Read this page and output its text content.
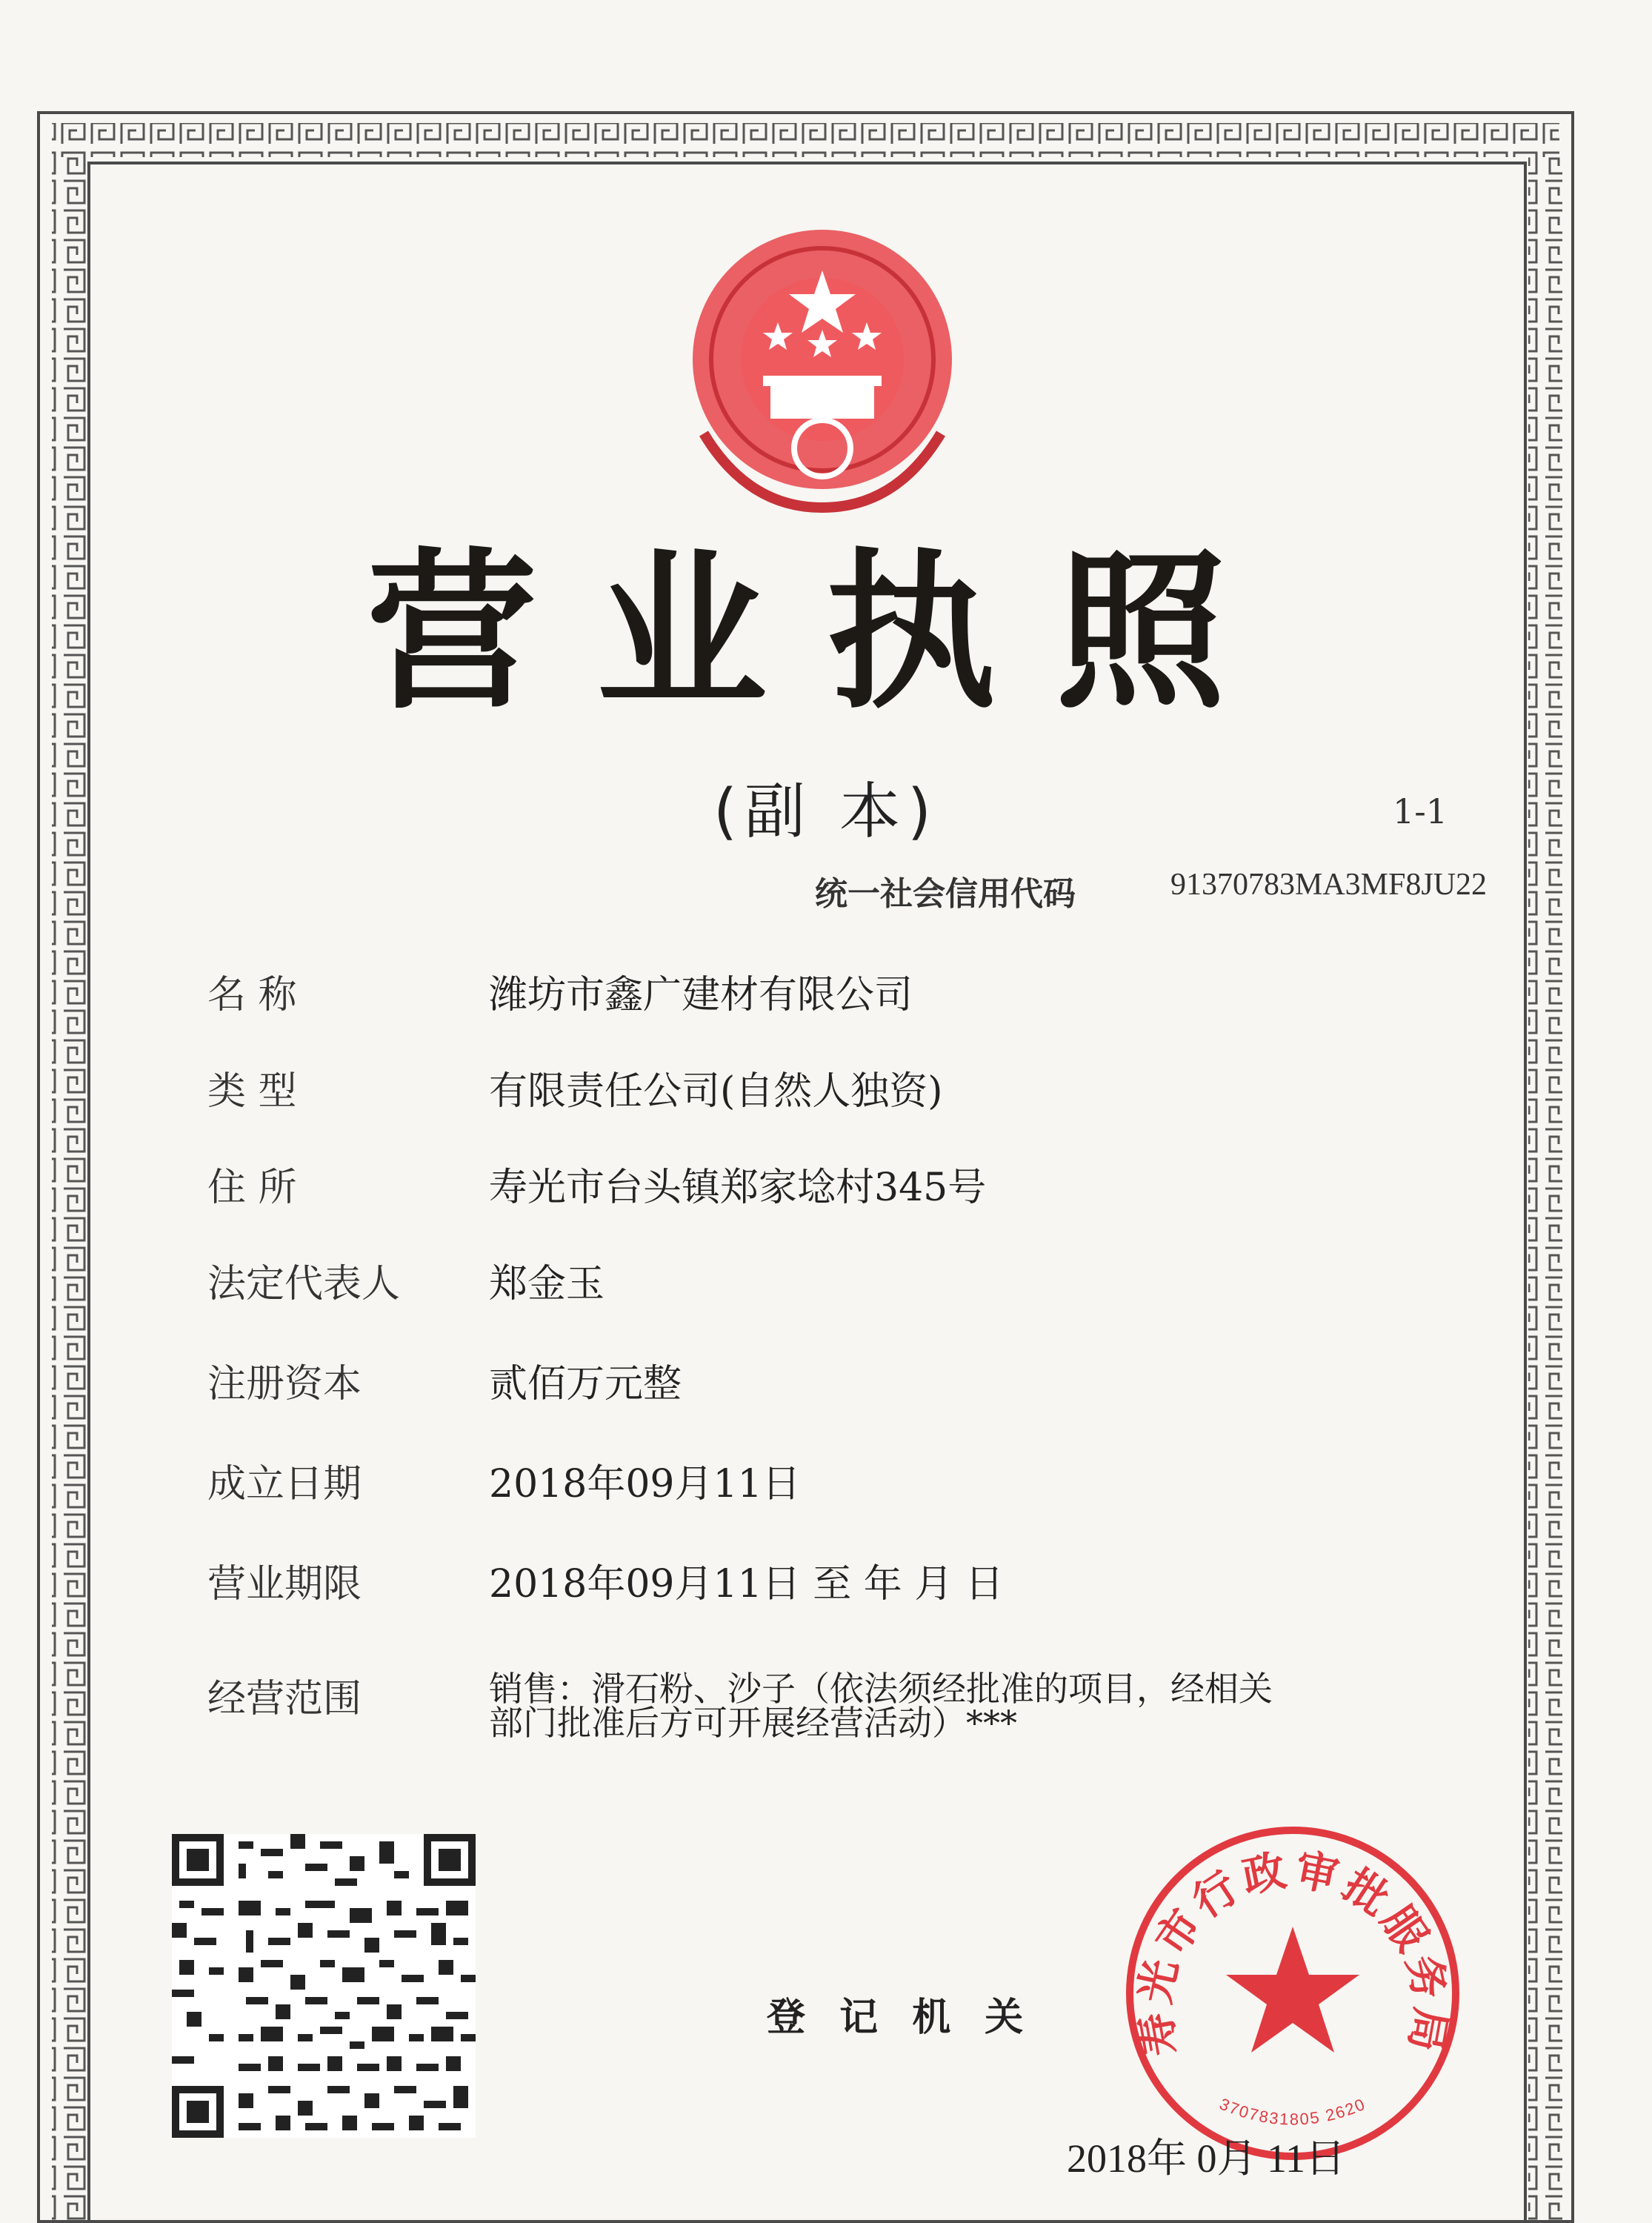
营业执照
(副 本)	1-1
统一社会信用代码	91370783MA3MF8JU22
名 称	潍坊市鑫广建材有限公司
类 型	有限责任公司(自然人独资)
住 所	寿光市台头镇郑家埝村345号
法定代表人	郑金玉
注册资本	贰佰万元整
成立日期	2018年09月11日
营业期限	2018年09月11日 至 年 月 日
经营范围	销售：滑石粉、沙子（依法须经批准的项目，经相关部门批准后方可开展经营活动）***
登 记 机 关 寿光市行政审批服务局
3707831805 2620
2018年 0月 11日
